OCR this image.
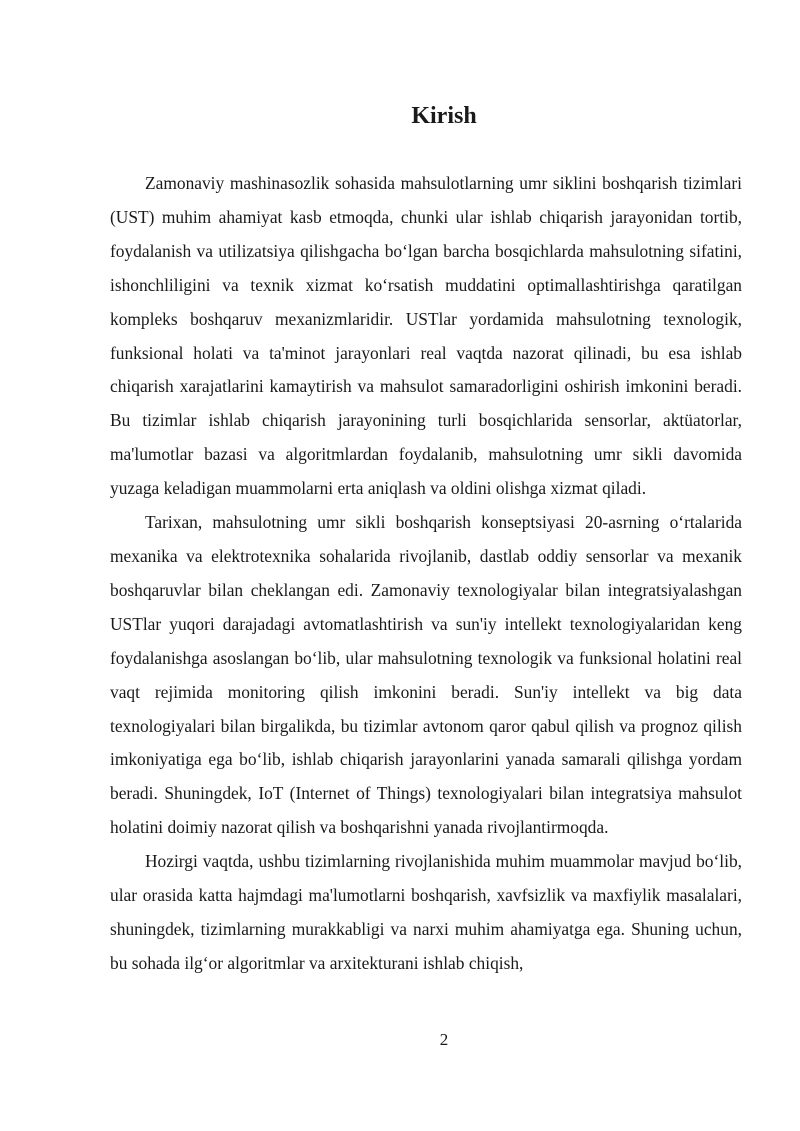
Kirish

Zamonaviy mashinasozlik sohasida mahsulotlarning umr siklini boshqarish tizimlari (UST) muhim ahamiyat kasb etmoqda, chunki ular ishlab chiqarish jarayonidan tortib, foydalanish va utilizatsiya qilishgacha bo‘lgan barcha bosqichlarda mahsulotning sifatini, ishonchliligini va texnik xizmat ko‘rsatish muddatini optimallashtirishga qaratilgan kompleks boshqaruv mexanizmlaridir. USTlar yordamida mahsulotning texnologik, funksional holati va ta'minot jarayonlari real vaqtda nazorat qilinadi, bu esa ishlab chiqarish xarajatlarini kamaytirish va mahsulot samaradorligini oshirish imkonini beradi. Bu tizimlar ishlab chiqarish jarayonining turli bosqichlarida sensorlar, aktüatorlar, ma'lumotlar bazasi va algoritmlardan foydalanib, mahsulotning umr sikli davomida yuzaga keladigan muammolarni erta aniqlash va oldini olishga xizmat qiladi.

Tarixan, mahsulotning umr sikli boshqarish konseptsiyasi 20-asrning o‘rtalarida mexanika va elektrotexnika sohalarida rivojlanib, dastlab oddiy sensorlar va mexanik boshqaruvlar bilan cheklangan edi. Zamonaviy texnologiyalar bilan integratsiyalashgan USTlar yuqori darajadagi avtomatlashtirish va sun'iy intellekt texnologiyalaridan keng foydalanishga asoslangan bo‘lib, ular mahsulotning texnologik va funksional holatini real vaqt rejimida monitoring qilish imkonini beradi. Sun'iy intellekt va big data texnologiyalari bilan birgalikda, bu tizimlar avtonom qaror qabul qilish va prognoz qilish imkoniyatiga ega bo‘lib, ishlab chiqarish jarayonlarini yanada samarali qilishga yordam beradi. Shuningdek, IoT (Internet of Things) texnologiyalari bilan integratsiya mahsulot holatini doimiy nazorat qilish va boshqarishni yanada rivojlantirmoqda.

Hozirgi vaqtda, ushbu tizimlarning rivojlanishida muhim muammolar mavjud bo‘lib, ular orasida katta hajmdagi ma'lumotlarni boshqarish, xavfsizlik va maxfiylik masalalari, shuningdek, tizimlarning murakkabligi va narxi muhim ahamiyatga ega. Shuning uchun, bu sohada ilg‘or algoritmlar va arxitekturani ishlab chiqish,

2
